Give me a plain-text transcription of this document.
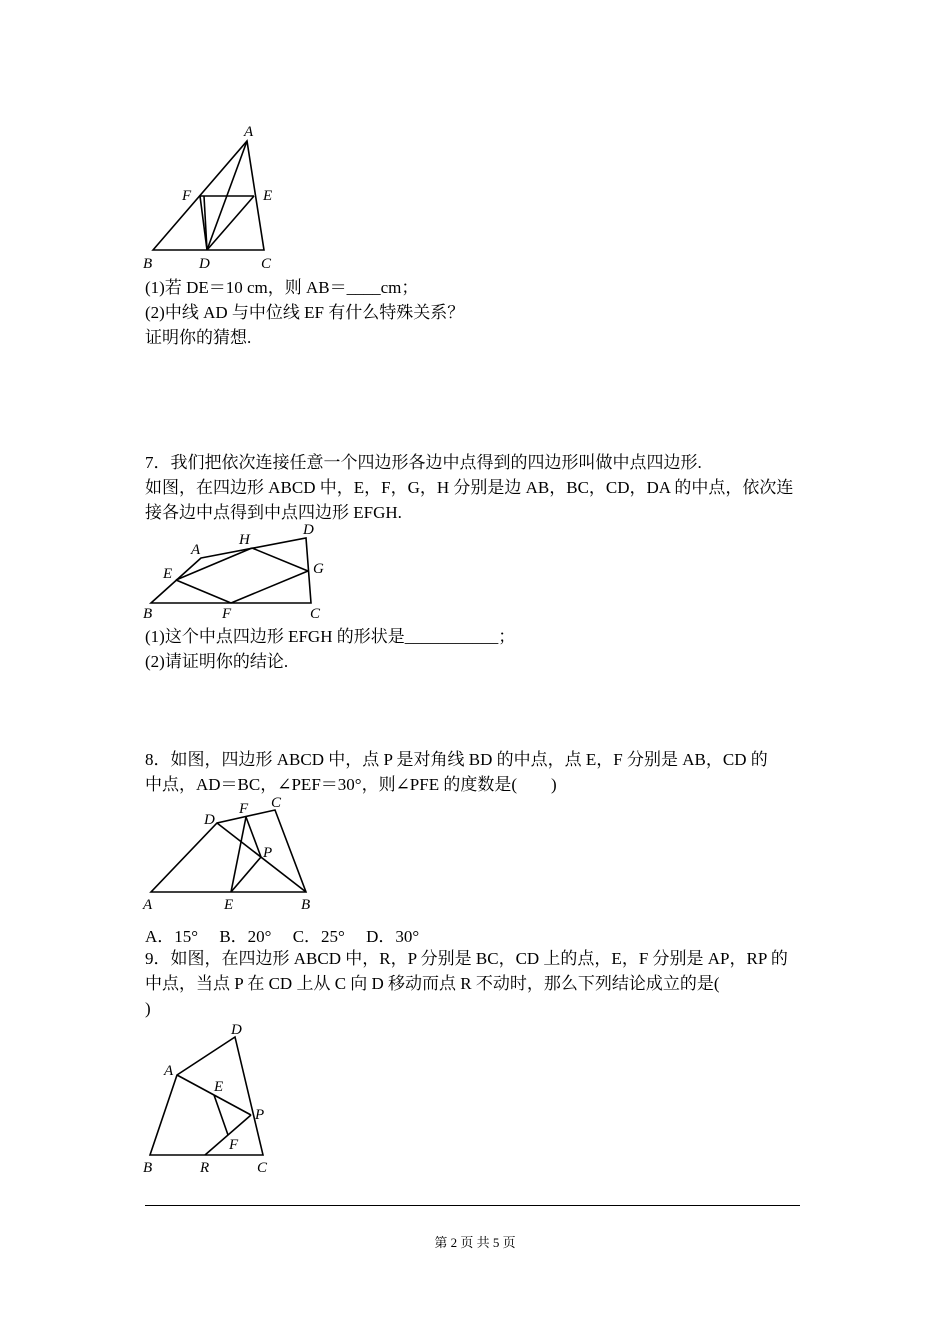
A
B	C
D
E
F
(1)若 DE＝10 cm，则 AB＝____cm；
(2)中线 AD 与中位线 EF 有什么特殊关系？
证明你的猜想.
7．我们把依次连接任意一个四边形各边中点得到的四边形叫做中点四边形.
如图，在四边形 ABCD 中，E，F，G，H 分别是边 AB，BC，CD，DA 的中点，依次连
接各边中点得到中点四边形 EFGH.
A
B	C
D
E
F
G
H
(1)这个中点四边形 EFGH 的形状是___________；
(2)请证明你的结论.
8．如图，四边形 ABCD 中，点 P 是对角线 BD 的中点，点 E，F 分别是 AB，CD 的
中点，AD＝BC，∠PEF＝30°，则∠PFE 的度数是(　　)
A	B
C
D
E
F
P
A．15°　 B．20°　 C．25°　 D．30°
9．如图，在四边形 ABCD 中，R，P 分别是 BC，CD 上的点，E，F 分别是 AP，RP 的
中点，当点 P 在 CD 上从 C 向 D 移动而点 R 不动时，那么下列结论成立的是(
)
A
B	C
D
E
F
P
R
第 2 页 共 5 页
